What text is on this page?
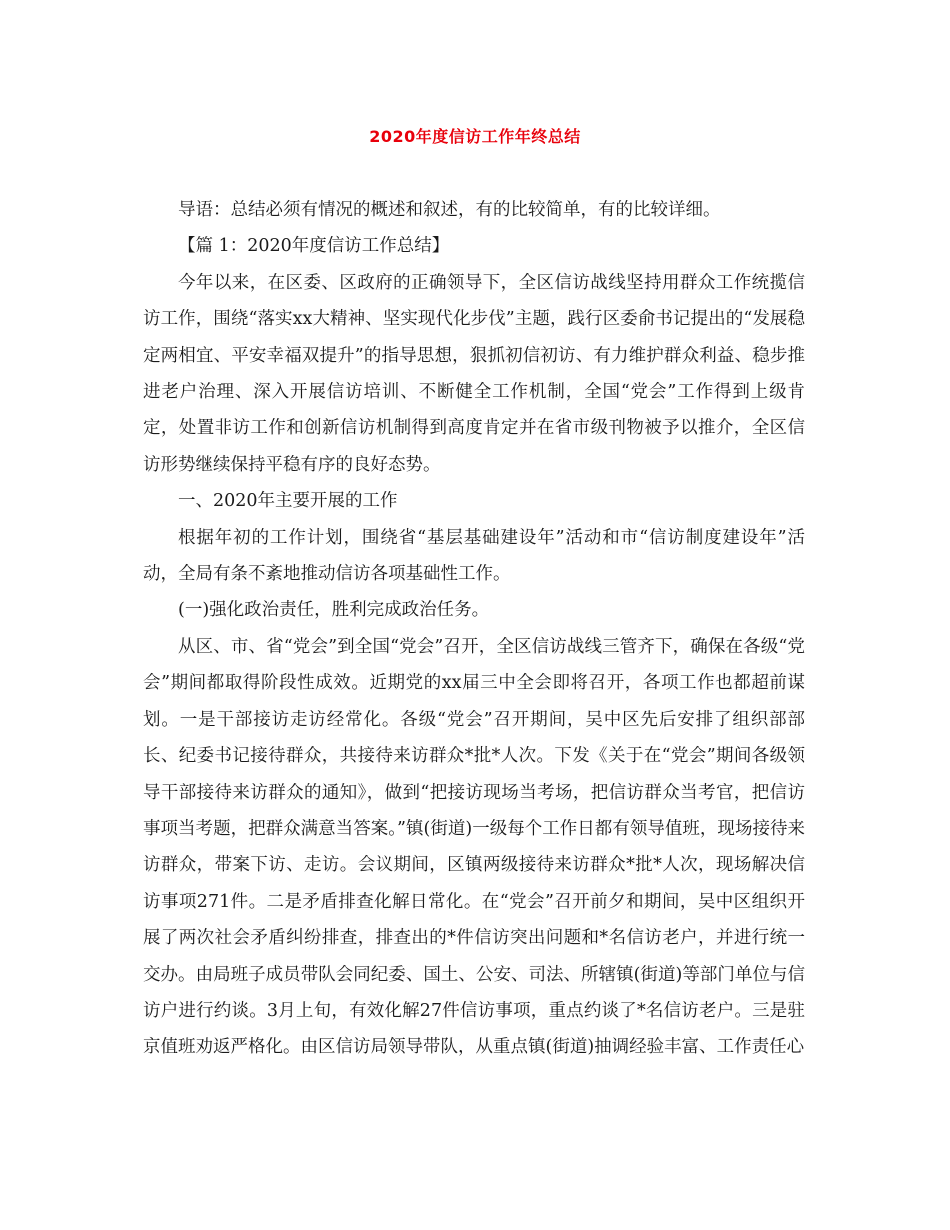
2020年度信访工作年终总结

导语：总结必须有情况的概述和叙述，有的比较简单，有的比较详细。

【篇 1：2020年度信访工作总结】

今年以来，在区委、区政府的正确领导下，全区信访战线坚持用群众工作统揽信访工作，围绕“落实xx大精神、坚实现代化步伐”主题，践行区委俞书记提出的“发展稳定两相宜、平安幸福双提升”的指导思想，狠抓初信初访、有力维护群众利益、稳步推进老户治理、深入开展信访培训、不断健全工作机制，全国“党会”工作得到上级肯定，处置非访工作和创新信访机制得到高度肯定并在省市级刊物被予以推介，全区信访形势继续保持平稳有序的良好态势。

一、2020年主要开展的工作

根据年初的工作计划，围绕省“基层基础建设年”活动和市“信访制度建设年”活动，全局有条不紊地推动信访各项基础性工作。

(一)强化政治责任，胜利完成政治任务。

从区、市、省“党会”到全国“党会”召开，全区信访战线三管齐下，确保在各级“党会”期间都取得阶段性成效。近期党的xx届三中全会即将召开，各项工作也都超前谋划。一是干部接访走访经常化。各级“党会”召开期间，吴中区先后安排了组织部部长、纪委书记接待群众，共接待来访群众*批*人次。下发《关于在“党会”期间各级领导干部接待来访群众的通知》，做到“把接访现场当考场，把信访群众当考官，把信访事项当考题，把群众满意当答案。”镇(街道)一级每个工作日都有领导值班，现场接待来访群众，带案下访、走访。会议期间，区镇两级接待来访群众*批*人次，现场解决信访事项271件。二是矛盾排查化解日常化。在“党会”召开前夕和期间，吴中区组织开展了两次社会矛盾纠纷排查，排查出的*件信访突出问题和*名信访老户，并进行统一交办。由局班子成员带队会同纪委、国土、公安、司法、所辖镇(街道)等部门单位与信访户进行约谈。3月上旬，有效化解27件信访事项，重点约谈了*名信访老户。三是驻京值班劝返严格化。由区信访局领导带队，从重点镇(街道)抽调经验丰富、工作责任心
